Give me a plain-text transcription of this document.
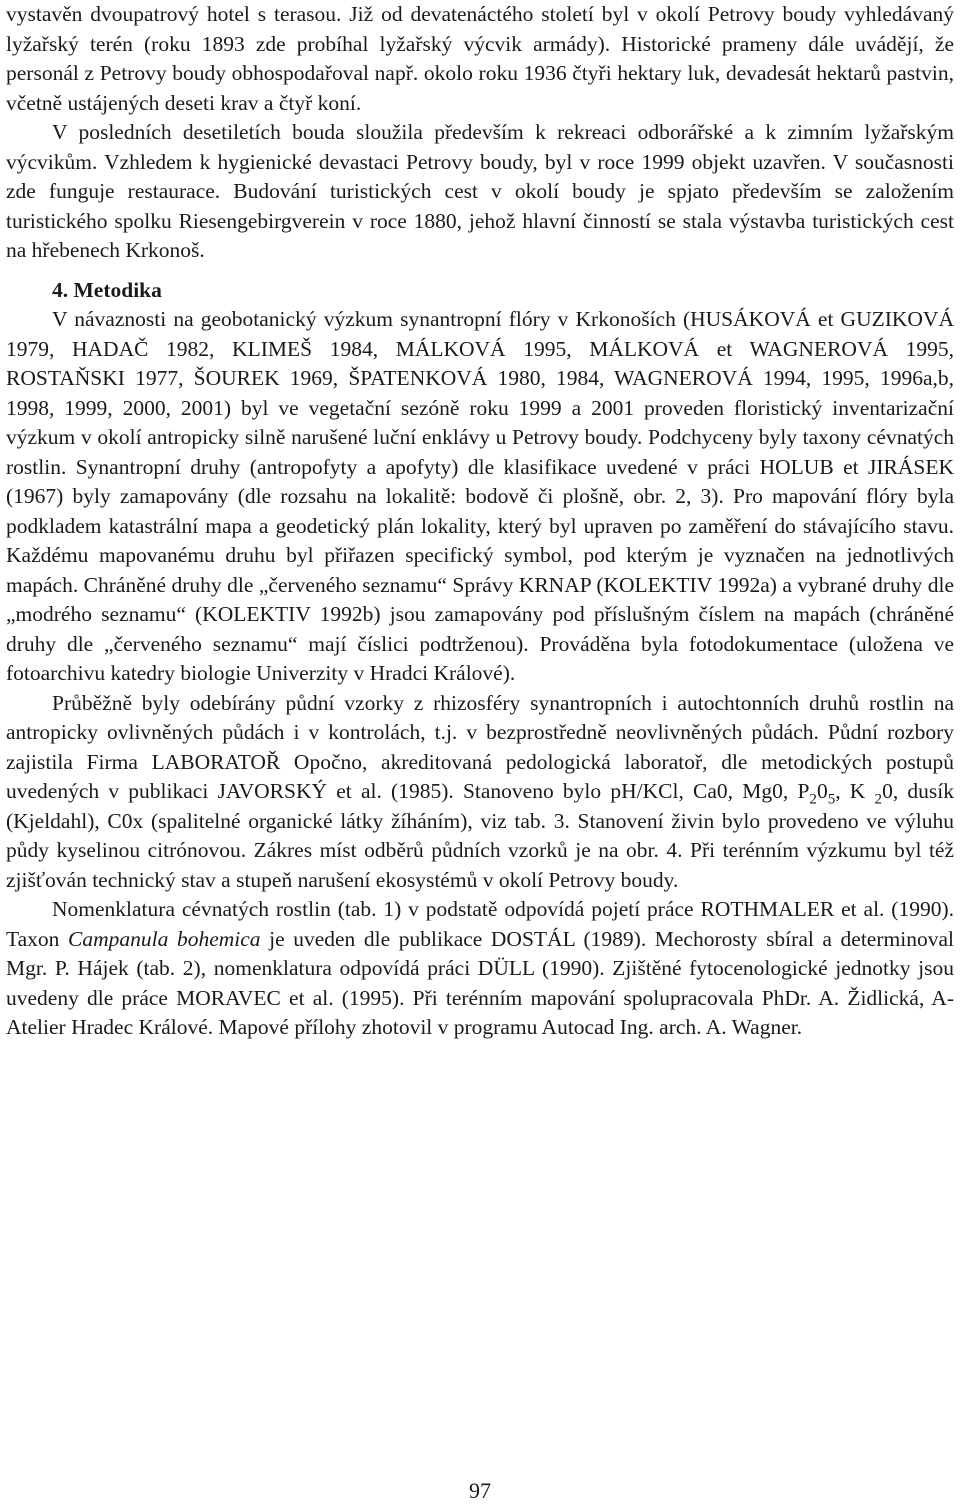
vystavěn dvoupatrový hotel s terasou. Již od devatenáctého století byl v okolí Petrovy boudy vyhledávaný lyžařský terén (roku 1893 zde probíhal lyžařský výcvik armády). Historické prameny dále uvádějí, že personál z Petrovy boudy obhospodařoval např. okolo roku 1936 čtyři hektary luk, devadesát hektarů pastvin, včetně ustájených deseti krav a čtyř koní.

V posledních desetiletích bouda sloužila především k rekreaci odborářské a k zimním lyžařským výcvikům. Vzhledem k hygienické devastaci Petrovy boudy, byl v roce 1999 objekt uzavřen. V současnosti zde funguje restaurace. Budování turistických cest v okolí boudy je spjato především se založením turistického spolku Riesengebirgverein v roce 1880, jehož hlavní činností se stala výstavba turistických cest na hřebenech Krkonoš.

4. Metodika

V návaznosti na geobotanický výzkum synantropní flóry v Krkonoších (HUSÁKOVÁ et GUZIKOVÁ 1979, HADAČ 1982, KLIMEŠ 1984, MÁLKOVÁ 1995, MÁLKOVÁ et WAGNEROVÁ 1995, ROSTAŇSKI 1977, ŠOUREK 1969, ŠPATENKOVÁ 1980, 1984, WAGNEROVÁ 1994, 1995, 1996a,b, 1998, 1999, 2000, 2001) byl ve vegetační sezóně roku 1999 a 2001 proveden floristický inventarizační výzkum v okolí antropicky silně narušené luční enklávy u Petrovy boudy. Podchyceny byly taxony cévnatých rostlin. Synantropní druhy (antropofyty a apofyty) dle klasifikace uvedené v práci HOLUB et JIRÁSEK (1967) byly zamapovány (dle rozsahu na lokalitě: bodově či plošně, obr. 2, 3). Pro mapování flóry byla podkladem katastrální mapa a geodetický plán lokality, který byl upraven po zaměření do stávajícího stavu. Každému mapovanému druhu byl přiřazen specifický symbol, pod kterým je vyznačen na jednotlivých mapách. Chráněné druhy dle „červeného seznamu“ Správy KRNAP (KOLEKTIV 1992a) a vybrané druhy dle „modrého seznamu“ (KOLEKTIV 1992b) jsou zamapovány pod příslušným číslem na mapách (chráněné druhy dle „červeného seznamu“ mají číslici podtrženou). Prováděna byla fotodokumentace (uložena ve fotoarchivu katedry biologie Univerzity v Hradci Králové).

Průběžně byly odebírány půdní vzorky z rhizosféry synantropních i autochtonních druhů rostlin na antropicky ovlivněných půdách i v kontrolách, t.j. v bezprostředně neovlivněných půdách. Půdní rozbory zajistila Firma LABORATOŘ Opočno, akreditovaná pedologická laboratoř, dle metodických postupů uvedených v publikaci JAVORSKÝ et al. (1985). Stanoveno bylo pH/KCl, Ca0, Mg0, $P_20_5$, K $_2$0, dusík (Kjeldahl), C0x (spalitelné organické látky žíháním), viz tab. 3. Stanovení živin bylo provedeno ve výluhu půdy kyselinou citrónovou. Zákres míst odběrů půdních vzorků je na obr. 4. Při terénním výzkumu byl též zjišťován technický stav a stupeň narušení ekosystémů v okolí Petrovy boudy.

Nomenklatura cévnatých rostlin (tab. 1) v podstatě odpovídá pojetí práce ROTHMALER et al. (1990). Taxon Campanula bohemica je uveden dle publikace DOSTÁL (1989). Mechorosty sbíral a determinoval Mgr. P. Hájek (tab. 2), nomenklatura odpovídá práci DÜLL (1990). Zjištěné fytocenologické jednotky jsou uvedeny dle práce MORAVEC et al. (1995). Při terénním mapování spolupracovala PhDr. A. Židlická, A-Atelier Hradec Králové. Mapové přílohy zhotovil v programu Autocad Ing. arch. A. Wagner.

97
